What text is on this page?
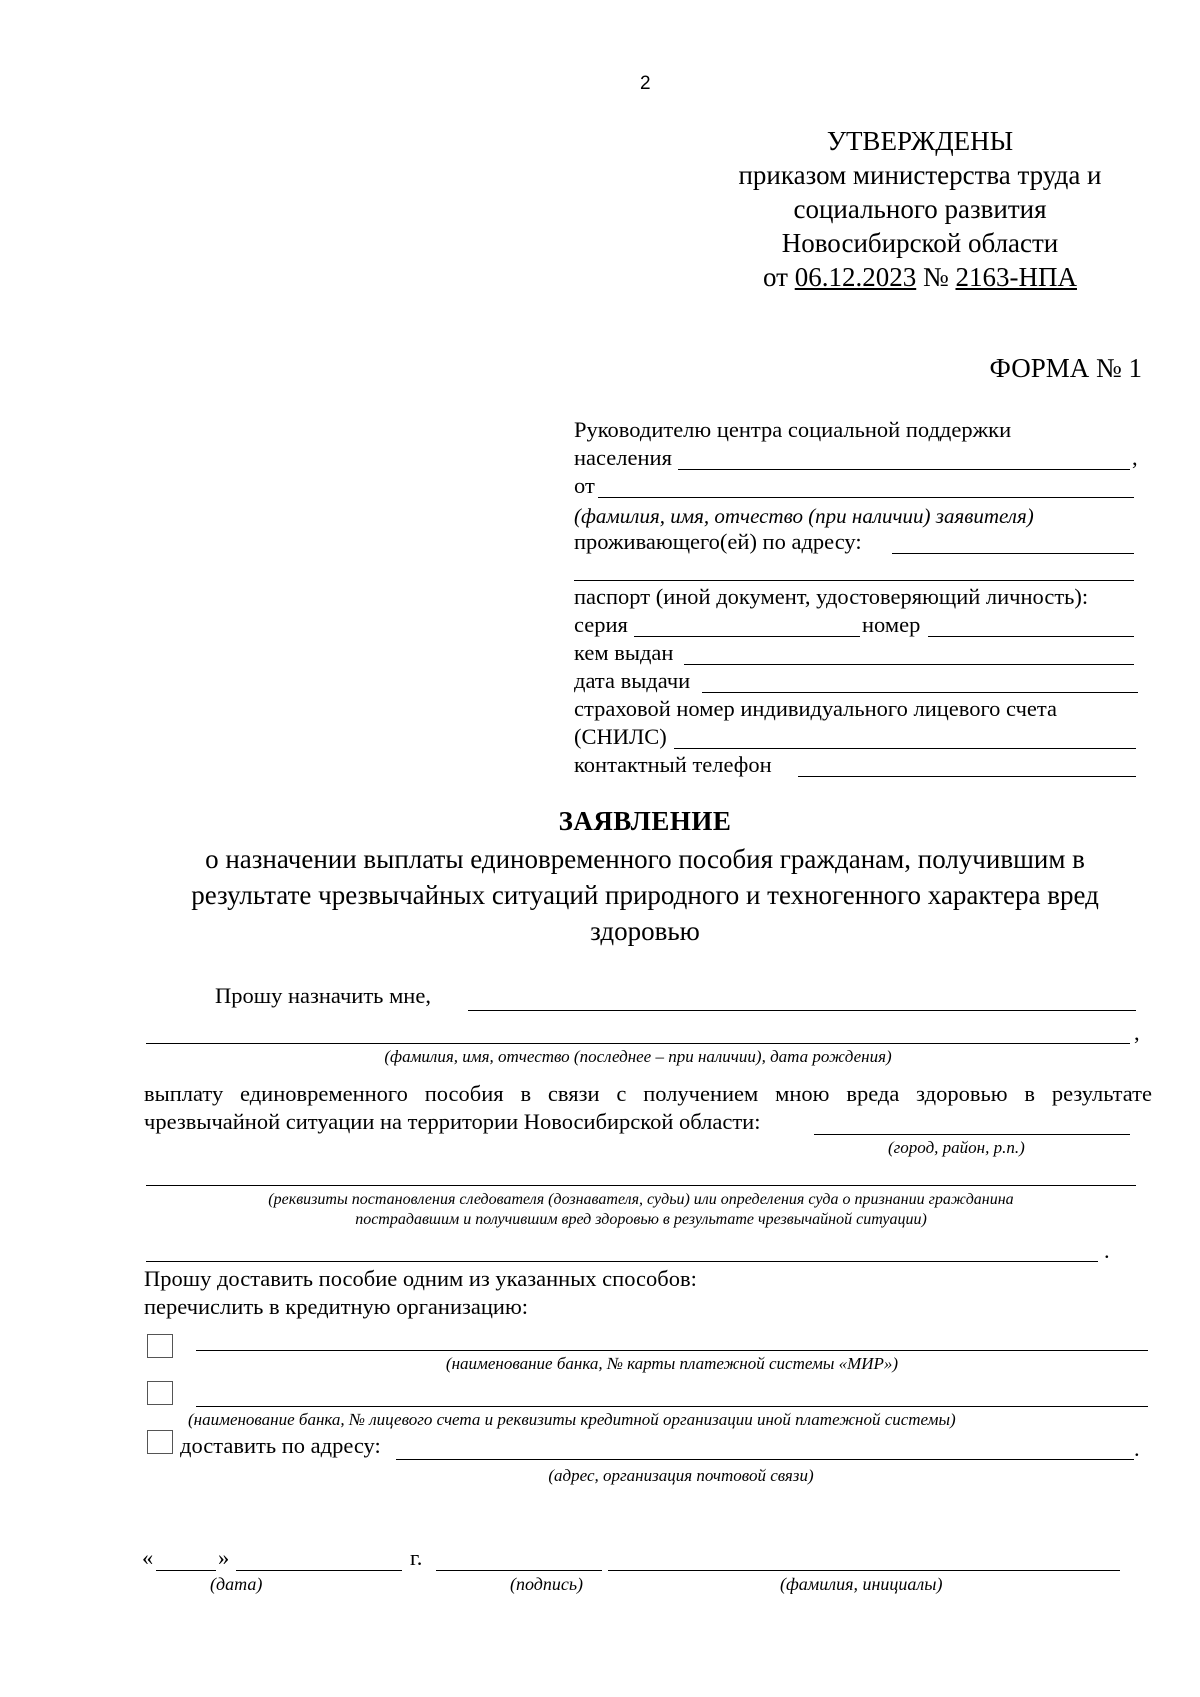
2
УТВЕРЖДЕНЫ
приказом министерства труда и
социального развития
Новосибирской области
от 06.12.2023 № 2163-НПА
ФОРМА № 1
Руководителю центра социальной поддержки
населения	,
от
(фамилия, имя, отчество (при наличии) заявителя)
проживающего(ей) по адресу:
паспорт (иной документ, удостоверяющий личность):
серия	номер
кем выдан
дата выдачи
страховой номер индивидуального лицевого счета
(СНИЛС)
контактный телефон
ЗАЯВЛЕНИЕ
о назначении выплаты единовременного пособия гражданам, получившим в результате чрезвычайных ситуаций природного и техногенного характера вред здоровью
Прошу назначить мне,
,
(фамилия, имя, отчество (последнее – при наличии), дата рождения)
выплату единовременного пособия в связи с получением мною вреда здоровью в результате
чрезвычайной ситуации на территории Новосибирской области:
(город, район, р.п.)
(реквизиты постановления следователя (дознавателя, судьи) или определения суда о признании гражданина
пострадавшим и получившим вред здоровью в результате чрезвычайной ситуации)
.
Прошу доставить пособие одним из указанных способов:
перечислить в кредитную организацию:
(наименование банка, № карты платежной системы «МИР»)
(наименование банка, № лицевого счета и реквизиты кредитной организации иной платежной системы)
доставить по адресу:	.
(адрес, организация почтовой связи)
«	»	г.
(дата)	(подпись)	(фамилия, инициалы)
